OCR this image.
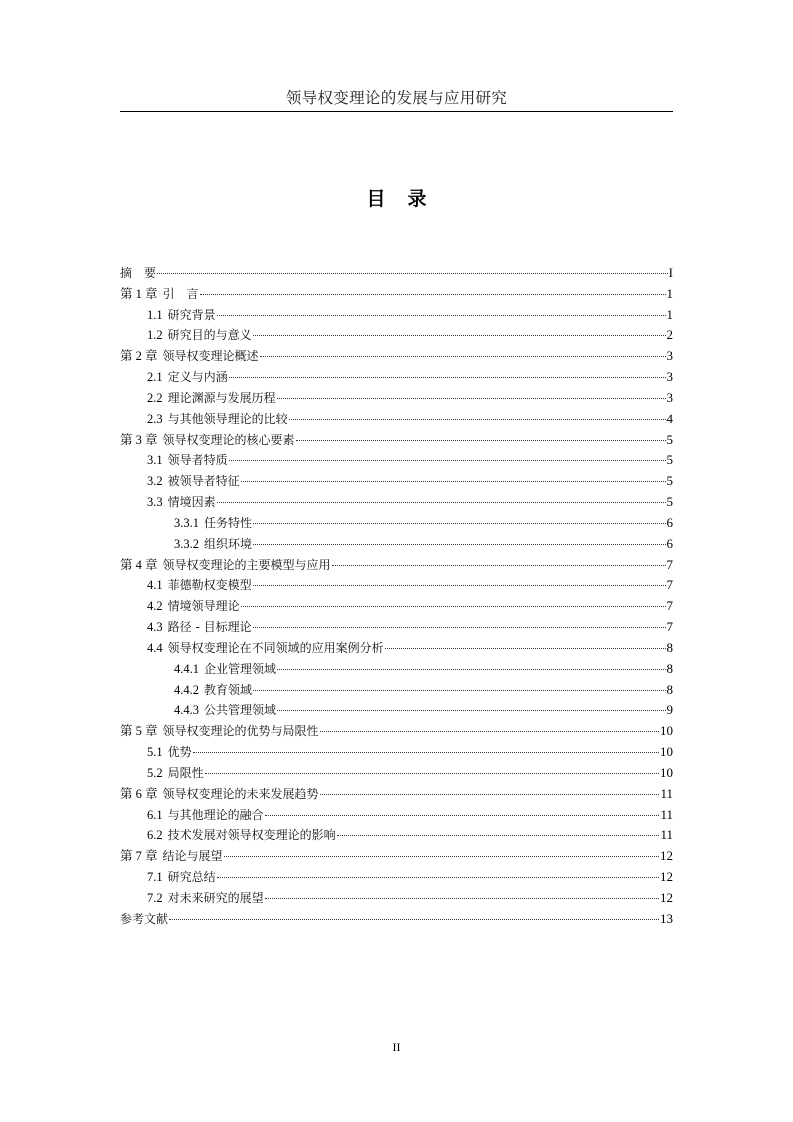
领导权变理论的发展与应用研究
目 录
摘　要	I
第 1 章 引　言	1
1.1 研究背景	1
1.2 研究目的与意义	2
第 2 章 领导权变理论概述	3
2.1 定义与内涵	3
2.2 理论渊源与发展历程	3
2.3 与其他领导理论的比较	4
第 3 章 领导权变理论的核心要素	5
3.1 领导者特质	5
3.2 被领导者特征	5
3.3 情境因素	5
3.3.1 任务特性	6
3.3.2 组织环境	6
第 4 章 领导权变理论的主要模型与应用	7
4.1 菲德勒权变模型	7
4.2 情境领导理论	7
4.3 路径 - 目标理论	7
4.4 领导权变理论在不同领域的应用案例分析	8
4.4.1 企业管理领域	8
4.4.2 教育领域	8
4.4.3 公共管理领域	9
第 5 章 领导权变理论的优势与局限性	10
5.1 优势	10
5.2 局限性	10
第 6 章 领导权变理论的未来发展趋势	11
6.1 与其他理论的融合	11
6.2 技术发展对领导权变理论的影响	11
第 7 章 结论与展望	12
7.1 研究总结	12
7.2 对未来研究的展望	12
参考文献	13
II
